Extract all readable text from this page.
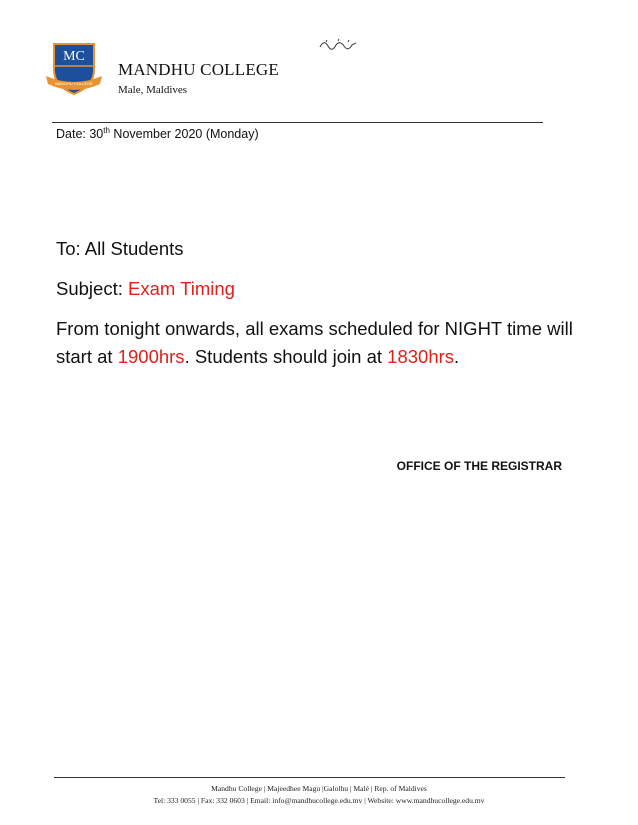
MC
MANDHU COLLEGE
MANDHU COLLEGE
Male, Maldives
Date: 30th November 2020 (Monday)
To: All Students
Subject: Exam Timing
From tonight onwards, all exams scheduled for NIGHT time will start at 1900hrs. Students should join at 1830hrs.
OFFICE OF THE REGISTRAR
Mandhu College | Majeedhee Magu |Galolhu | Malé | Rep. of Maldives
Tel: 333 0055 | Fax: 332 0603 | Email: info@mandhucollege.edu.mv | Website: www.mandhucollege.edu.mv
